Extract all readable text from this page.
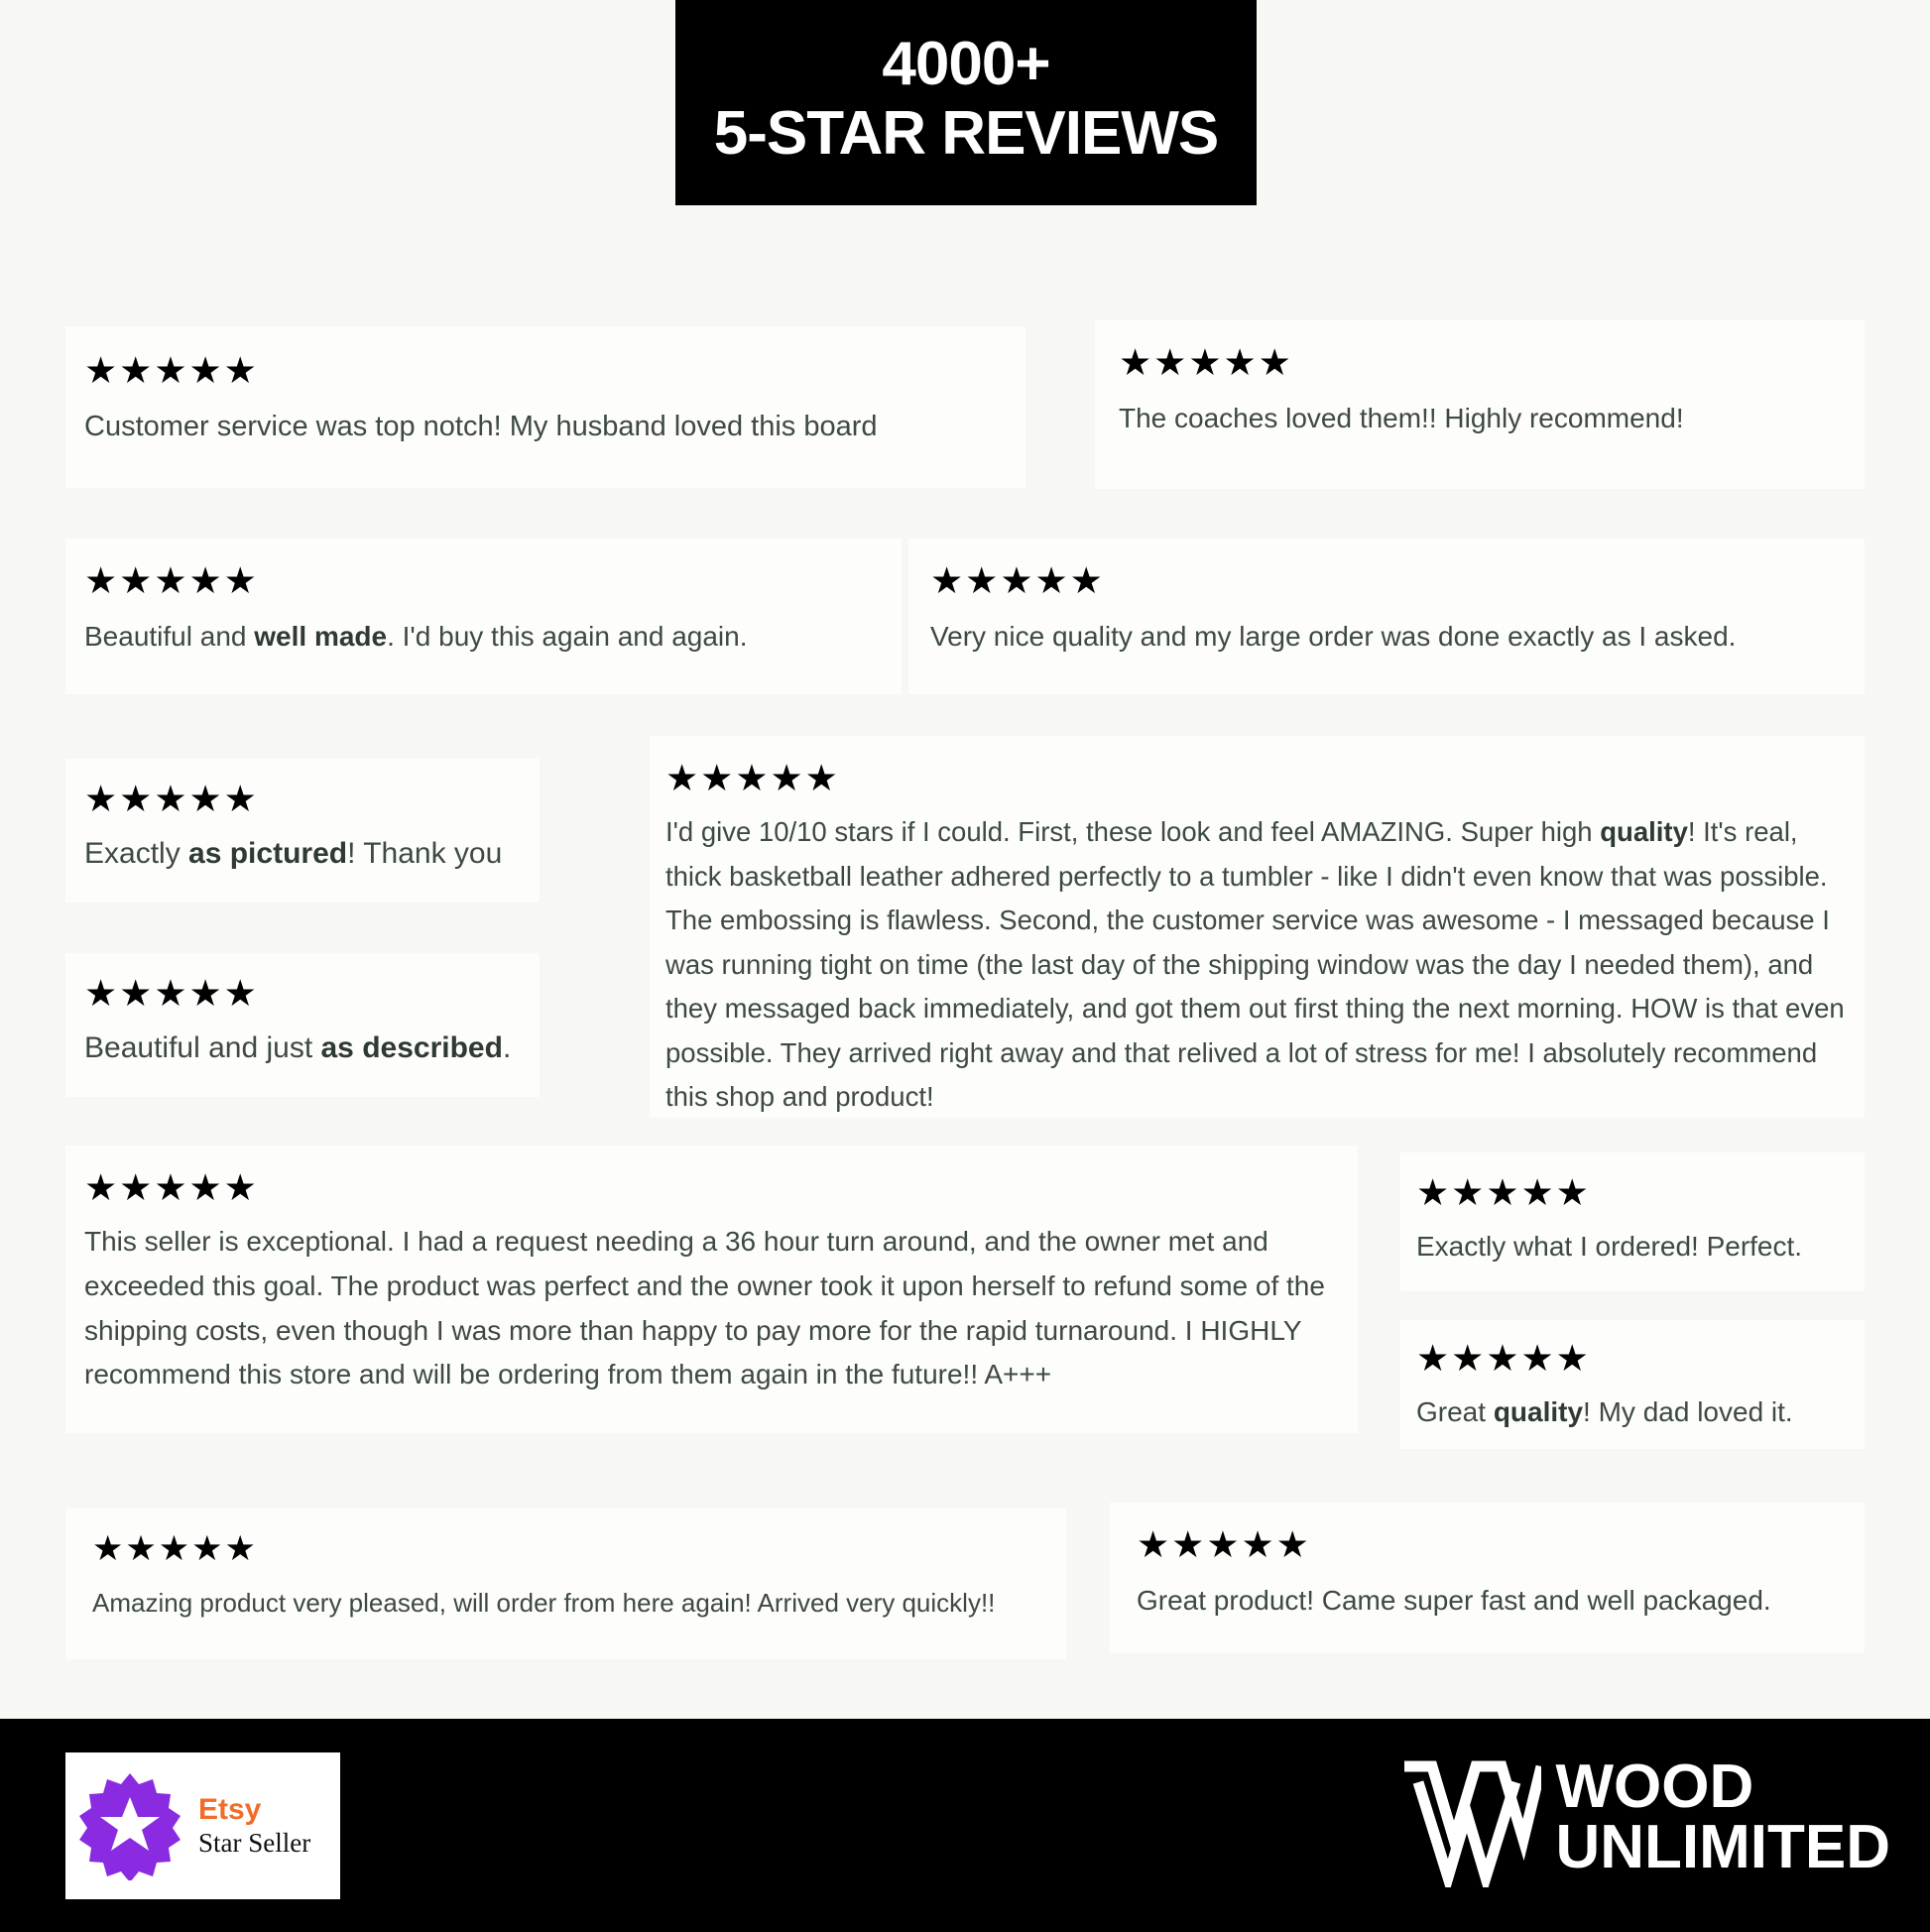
4000+
5-STAR REVIEWS
★★★★★
Customer service was top notch! My husband loved this board
★★★★★
The coaches loved them!! Highly recommend!
★★★★★
Beautiful and well made. I'd buy this again and again.
★★★★★
Very nice quality and my large order was done exactly as I asked.
★★★★★
Exactly as pictured! Thank you
★★★★★
Beautiful and just as described.
★★★★★
I'd give 10/10 stars if I could. First, these look and feel AMAZING. Super high quality! It's real, thick basketball leather adhered perfectly to a tumbler - like I didn't even know that was possible. The embossing is flawless. Second, the customer service was awesome - I messaged because I was running tight on time (the last day of the shipping window was the day I needed them), and they messaged back immediately, and got them out first thing the next morning. HOW is that even possible. They arrived right away and that relived a lot of stress for me! I absolutely recommend this shop and product!
★★★★★
This seller is exceptional. I had a request needing a 36 hour turn around, and the owner met and exceeded this goal. The product was perfect and the owner took it upon herself to refund some of the shipping costs, even though I was more than happy to pay more for the rapid turnaround. I HIGHLY recommend this store and will be ordering from them again in the future!! A+++
★★★★★
Exactly what I ordered! Perfect.
★★★★★
Great quality! My dad loved it.
★★★★★
Amazing product very pleased, will order from here again! Arrived very quickly!!
★★★★★
Great product! Came super fast and well packaged.
Etsy
Star Seller
WOOD
UNLIMITED
